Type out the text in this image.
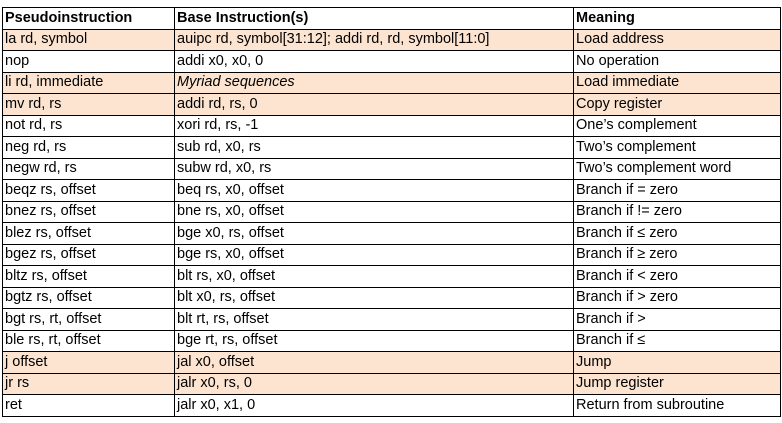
Pseudoinstruction	Base Instruction(s)	Meaning
la rd, symbol	auipc rd, symbol[31:12]; addi rd, rd, symbol[11:0]	Load address
nop	addi x0, x0, 0	No operation
li rd, immediate	Myriad sequences	Load immediate
mv rd, rs	addi rd, rs, 0	Copy register
not rd, rs	xori rd, rs, -1	One’s complement
neg rd, rs	sub rd, x0, rs	Two’s complement
negw rd, rs	subw rd, x0, rs	Two’s complement word
beqz rs, offset	beq rs, x0, offset	Branch if = zero
bnez rs, offset	bne rs, x0, offset	Branch if != zero
blez rs, offset	bge x0, rs, offset	Branch if ≤ zero
bgez rs, offset	bge rs, x0, offset	Branch if ≥ zero
bltz rs, offset	blt rs, x0, offset	Branch if < zero
bgtz rs, offset	blt x0, rs, offset	Branch if > zero
bgt rs, rt, offset	blt rt, rs, offset	Branch if >
ble rs, rt, offset	bge rt, rs, offset	Branch if ≤
j offset	jal x0, offset	Jump
jr rs	jalr x0, rs, 0	Jump register
ret	jalr x0, x1, 0	Return from subroutine
